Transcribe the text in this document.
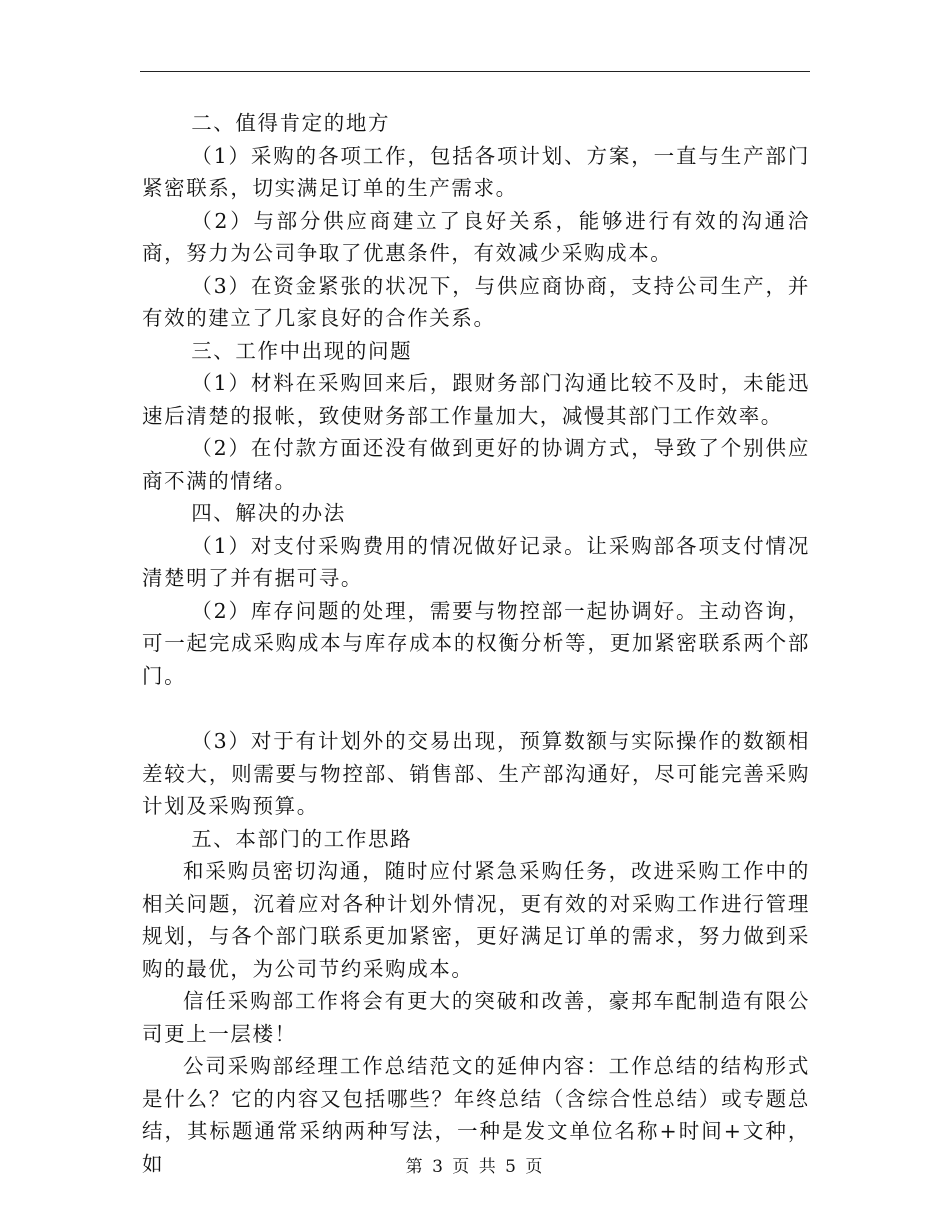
二、值得肯定的地方

（1）采购的各项工作，包括各项计划、方案，一直与生产部门紧密联系，切实满足订单的生产需求。

（2）与部分供应商建立了良好关系，能够进行有效的沟通洽商，努力为公司争取了优惠条件，有效减少采购成本。

（3）在资金紧张的状况下，与供应商协商，支持公司生产，并有效的建立了几家良好的合作关系。

三、工作中出现的问题

（1）材料在采购回来后，跟财务部门沟通比较不及时，未能迅速后清楚的报帐，致使财务部工作量加大，减慢其部门工作效率。

（2）在付款方面还没有做到更好的协调方式，导致了个别供应商不满的情绪。

四、解决的办法

（1）对支付采购费用的情况做好记录。让采购部各项支付情况清楚明了并有据可寻。

（2）库存问题的处理，需要与物控部一起协调好。主动咨询，可一起完成采购成本与库存成本的权衡分析等，更加紧密联系两个部门。

（3）对于有计划外的交易出现，预算数额与实际操作的数额相差较大，则需要与物控部、销售部、生产部沟通好，尽可能完善采购计划及采购预算。

五、本部门的工作思路

和采购员密切沟通，随时应付紧急采购任务，改进采购工作中的相关问题，沉着应对各种计划外情况，更有效的对采购工作进行管理规划，与各个部门联系更加紧密，更好满足订单的需求，努力做到采购的最优，为公司节约采购成本。

信任采购部工作将会有更大的突破和改善，豪邦车配制造有限公司更上一层楼！

公司采购部经理工作总结范文的延伸内容：工作总结的结构形式是什么？它的内容又包括哪些？年终总结（含综合性总结）或专题总结，其标题通常采纳两种写法，一种是发文单位名称+时间+文种，如	第 3 页 共 5 页
